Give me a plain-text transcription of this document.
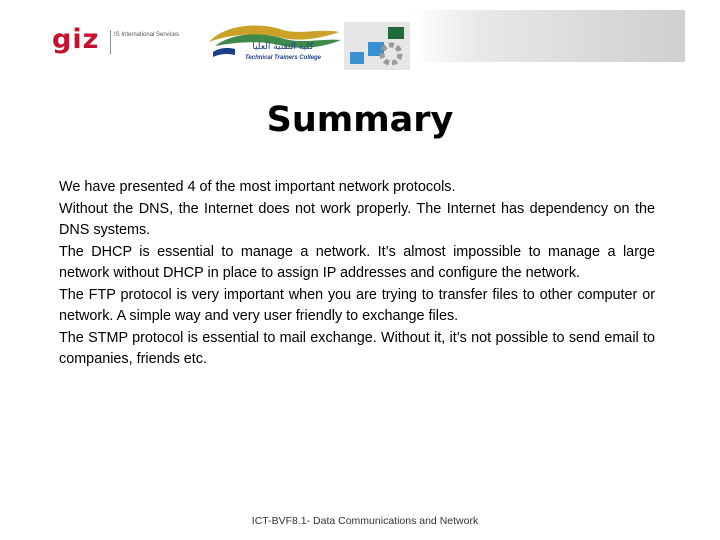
giz IS International Services
كلية التقنية العليا
Technical Trainers College
Summary

We have presented 4 of the most important network protocols.

Without the DNS, the Internet does not work properly. The Internet has dependency on the DNS systems.

The DHCP is essential to manage a network. It’s almost impossible to manage a large network without DHCP in place to assign IP addresses and configure the network.

The FTP protocol is very important when you are trying to transfer files to other computer or network. A simple way and very user friendly to exchange files.

The STMP protocol is essential to mail exchange. Without it, it’s not possible to send email to companies, friends etc.

ICT-BVF8.1- Data Communications and Network
